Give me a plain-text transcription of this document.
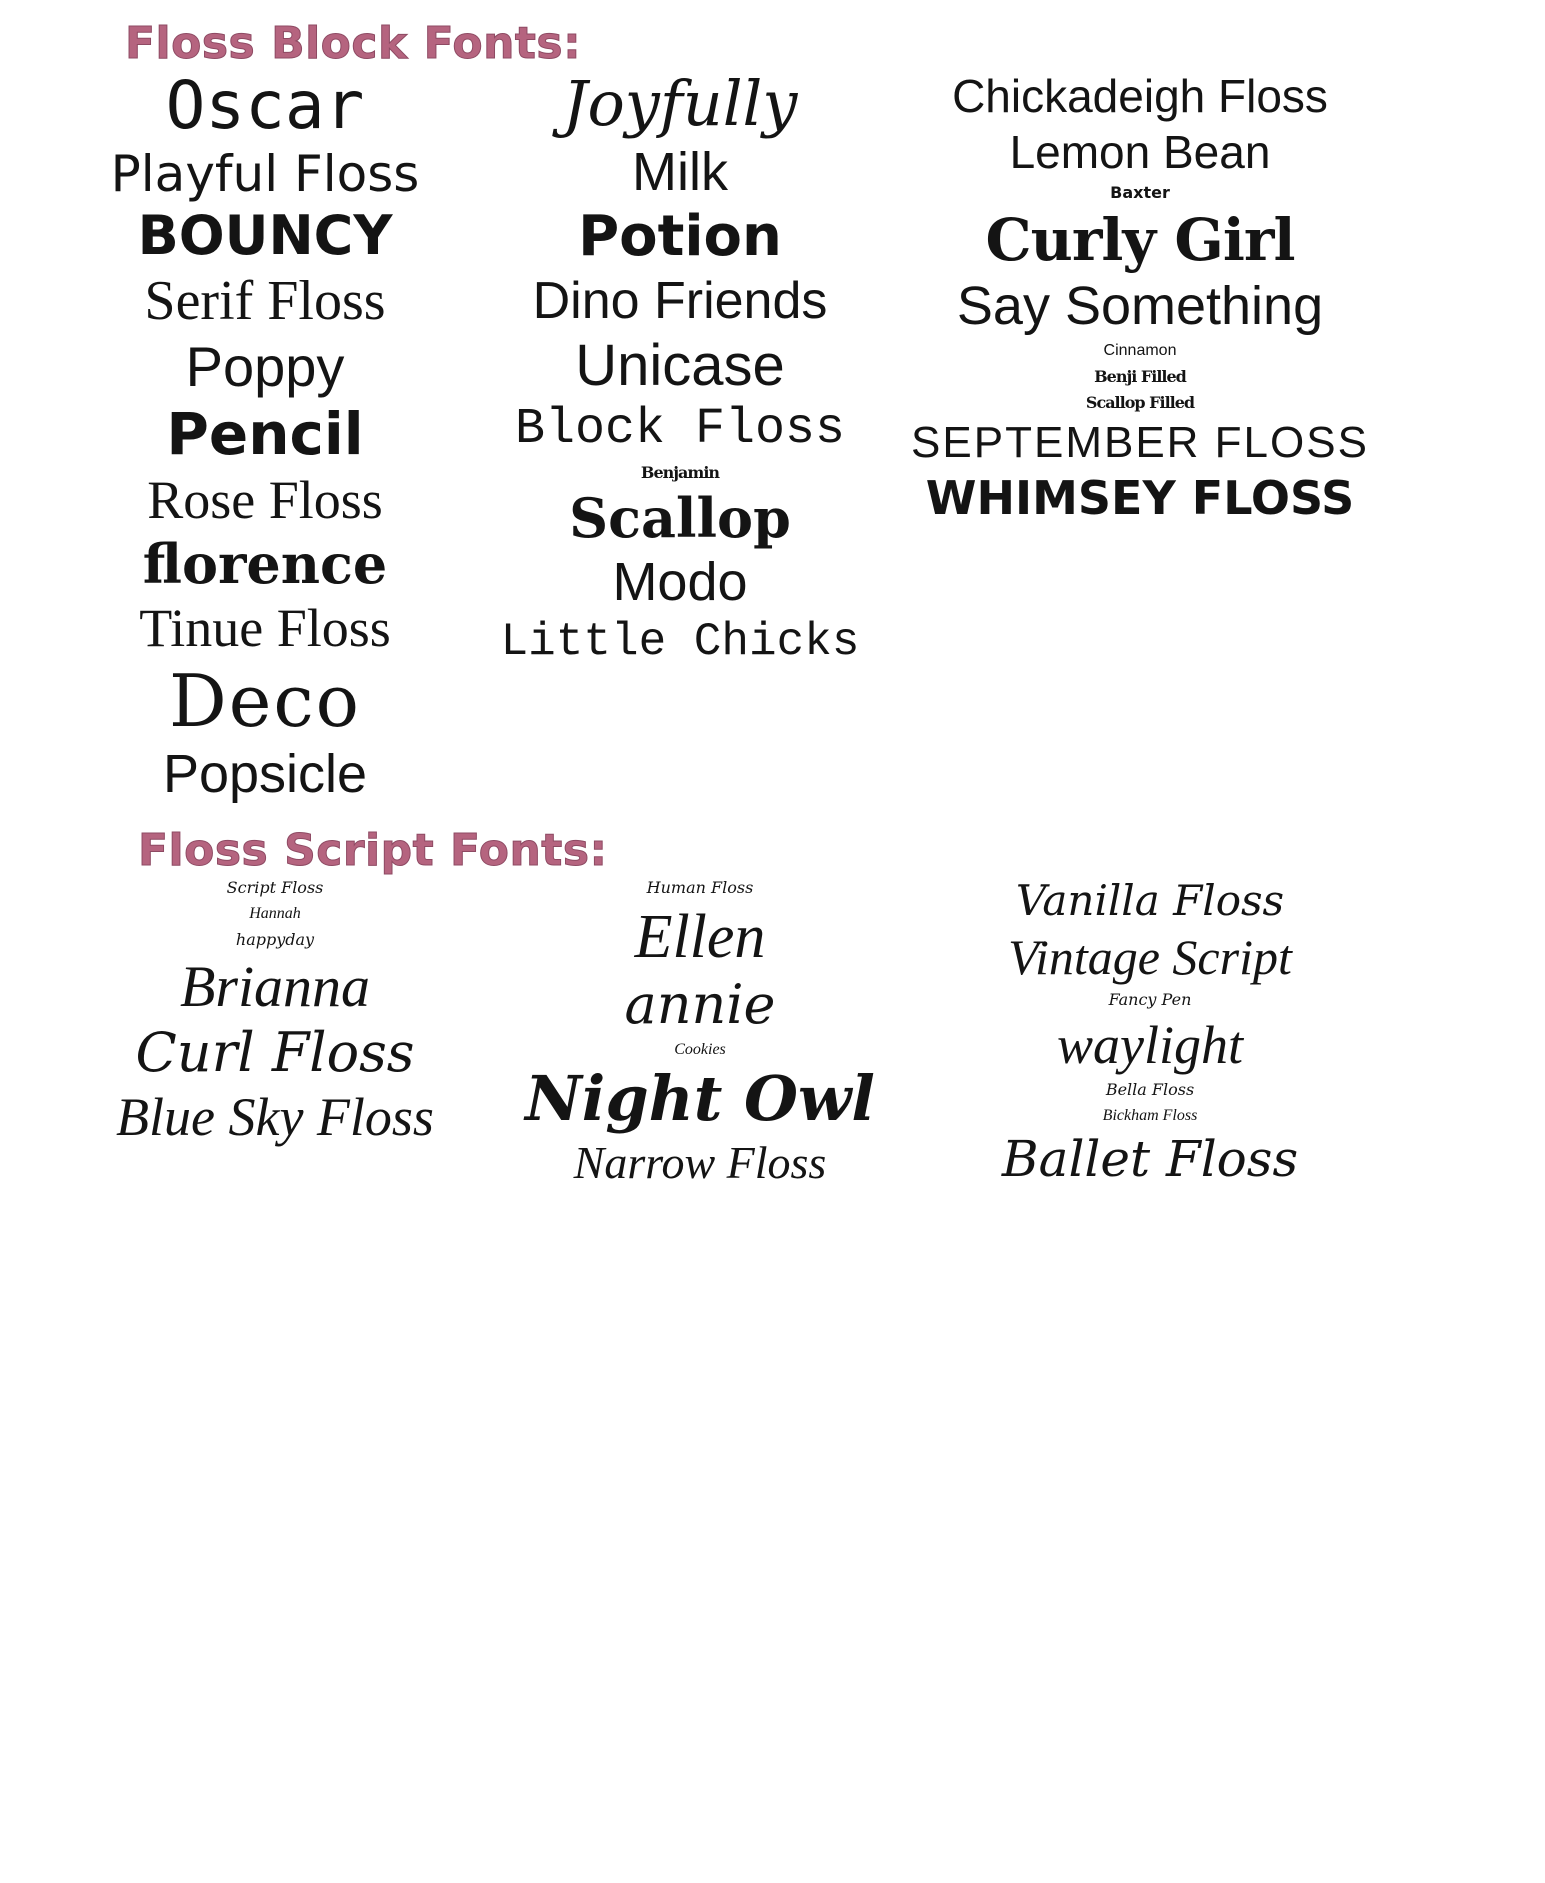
Floss Block Fonts:
Oscar
Playful Floss
BOUNCY
Serif Floss
Poppy
Pencil
Rose Floss
florence
Tinue Floss
Deco
Popsicle
Joyfully
Milk
Potion
Dino Friends
Unicase
Block Floss
Benjamin
Scallop
Modo
Little Chicks
Chickadeigh Floss
Lemon Bean
Baxter
Curly Girl
Say Something
Cinnamon
Benji Filled
Scallop Filled
SEPTEMBER FLOSS
WHIMSEY FLOSS
Floss Script Fonts:
Script Floss
Hannah
happyday
Brianna
Curl Floss
Blue Sky Floss
Human Floss
Ellen
annie
Cookies
Night Owl
Narrow Floss
Vanilla Floss
Vintage Script
Fancy Pen
waylight
Bella Floss
Bickham Floss
Ballet Floss
